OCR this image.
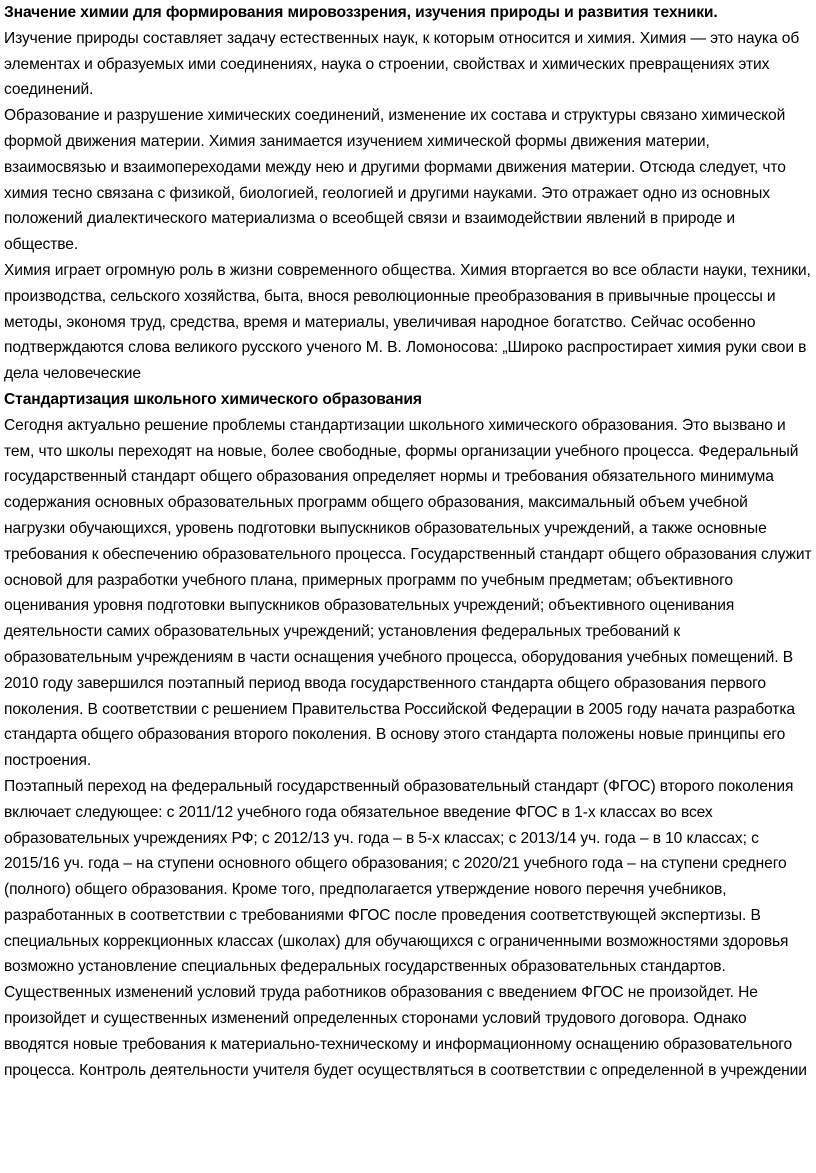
Значение химии для формирования мировоззрения, изучения природы и развития техники.

Изучение природы составляет задачу естественных наук, к которым относится и химия. Химия — это наука об элементах и образуемых ими соединениях, наука о строении, свойствах и химических превращениях этих соединений.

Образование и разрушение химических соединений, изменение их состава и структуры связано химической формой движения материи. Химия занимается изучением химической формы движения материи, взаимосвязью и взаимопереходами между нею и другими формами движения материи. Отсюда следует, что химия тесно связана с физикой, биологией, геологией и другими науками. Это отражает одно из основных положений диалектического материализма о всеобщей связи и взаимодействии явлений в природе и обществе.

Химия играет огромную роль в жизни современного общества. Химия вторгается во все области науки, техники, производства, сельского хозяйства, быта, внося революционные преобразования в привычные процессы и методы, экономя труд, средства, время и материалы, увеличивая народное богатство. Сейчас особенно подтверждаются слова великого русского ученого М. В. Ломоносова: „Широко распростирает химия руки свои в дела человеческие

Стандартизация школьного химического образования

Сегодня актуально решение проблемы стандартизации школьного химического образования. Это вызвано и тем, что школы переходят на новые, более свободные, формы организации учебного процесса. Федеральный государственный стандарт общего образования определяет нормы и требования обязательного минимума содержания основных образовательных программ общего образования, максимальный объем учебной нагрузки обучающихся, уровень подготовки выпускников образовательных учреждений, а также основные требования к обеспечению образовательного процесса. Государственный стандарт общего образования служит основой для разработки учебного плана, примерных программ по учебным предметам; объективного оценивания уровня подготовки выпускников образовательных учреждений; объективного оценивания деятельности самих образовательных учреждений; установления федеральных требований к образовательным учреждениям в части оснащения учебного процесса, оборудования учебных помещений. В 2010 году завершился поэтапный период ввода государственного стандарта общего образования первого поколения. В соответствии с решением Правительства Российской Федерации в 2005 году начата разработка стандарта общего образования второго поколения. В основу этого стандарта положены новые принципы его построения.

Поэтапный переход на федеральный государственный образовательный стандарт (ФГОС) второго поколения включает следующее: с 2011/12 учебного года обязательное введение ФГОС в 1-х классах во всех образовательных учреждениях РФ; с 2012/13 уч. года – в 5-х классах; с 2013/14 уч. года – в 10 классах; с 2015/16 уч. года – на ступени основного общего образования; с 2020/21 учебного года – на ступени среднего (полного) общего образования. Кроме того, предполагается утверждение нового перечня учебников, разработанных в соответствии с требованиями ФГОС после проведения соответствующей экспертизы. В специальных коррекционных классах (школах) для обучающихся с ограниченными возможностями здоровья возможно установление специальных федеральных государственных образовательных стандартов. Существенных изменений условий труда работников образования с введением ФГОС не произойдет. Не произойдет и существенных изменений определенных сторонами условий трудового договора. Однако вводятся новые требования к материально-техническому и информационному оснащению образовательного процесса. Контроль деятельности учителя будет осуществляться в соответствии с определенной в учреждении
